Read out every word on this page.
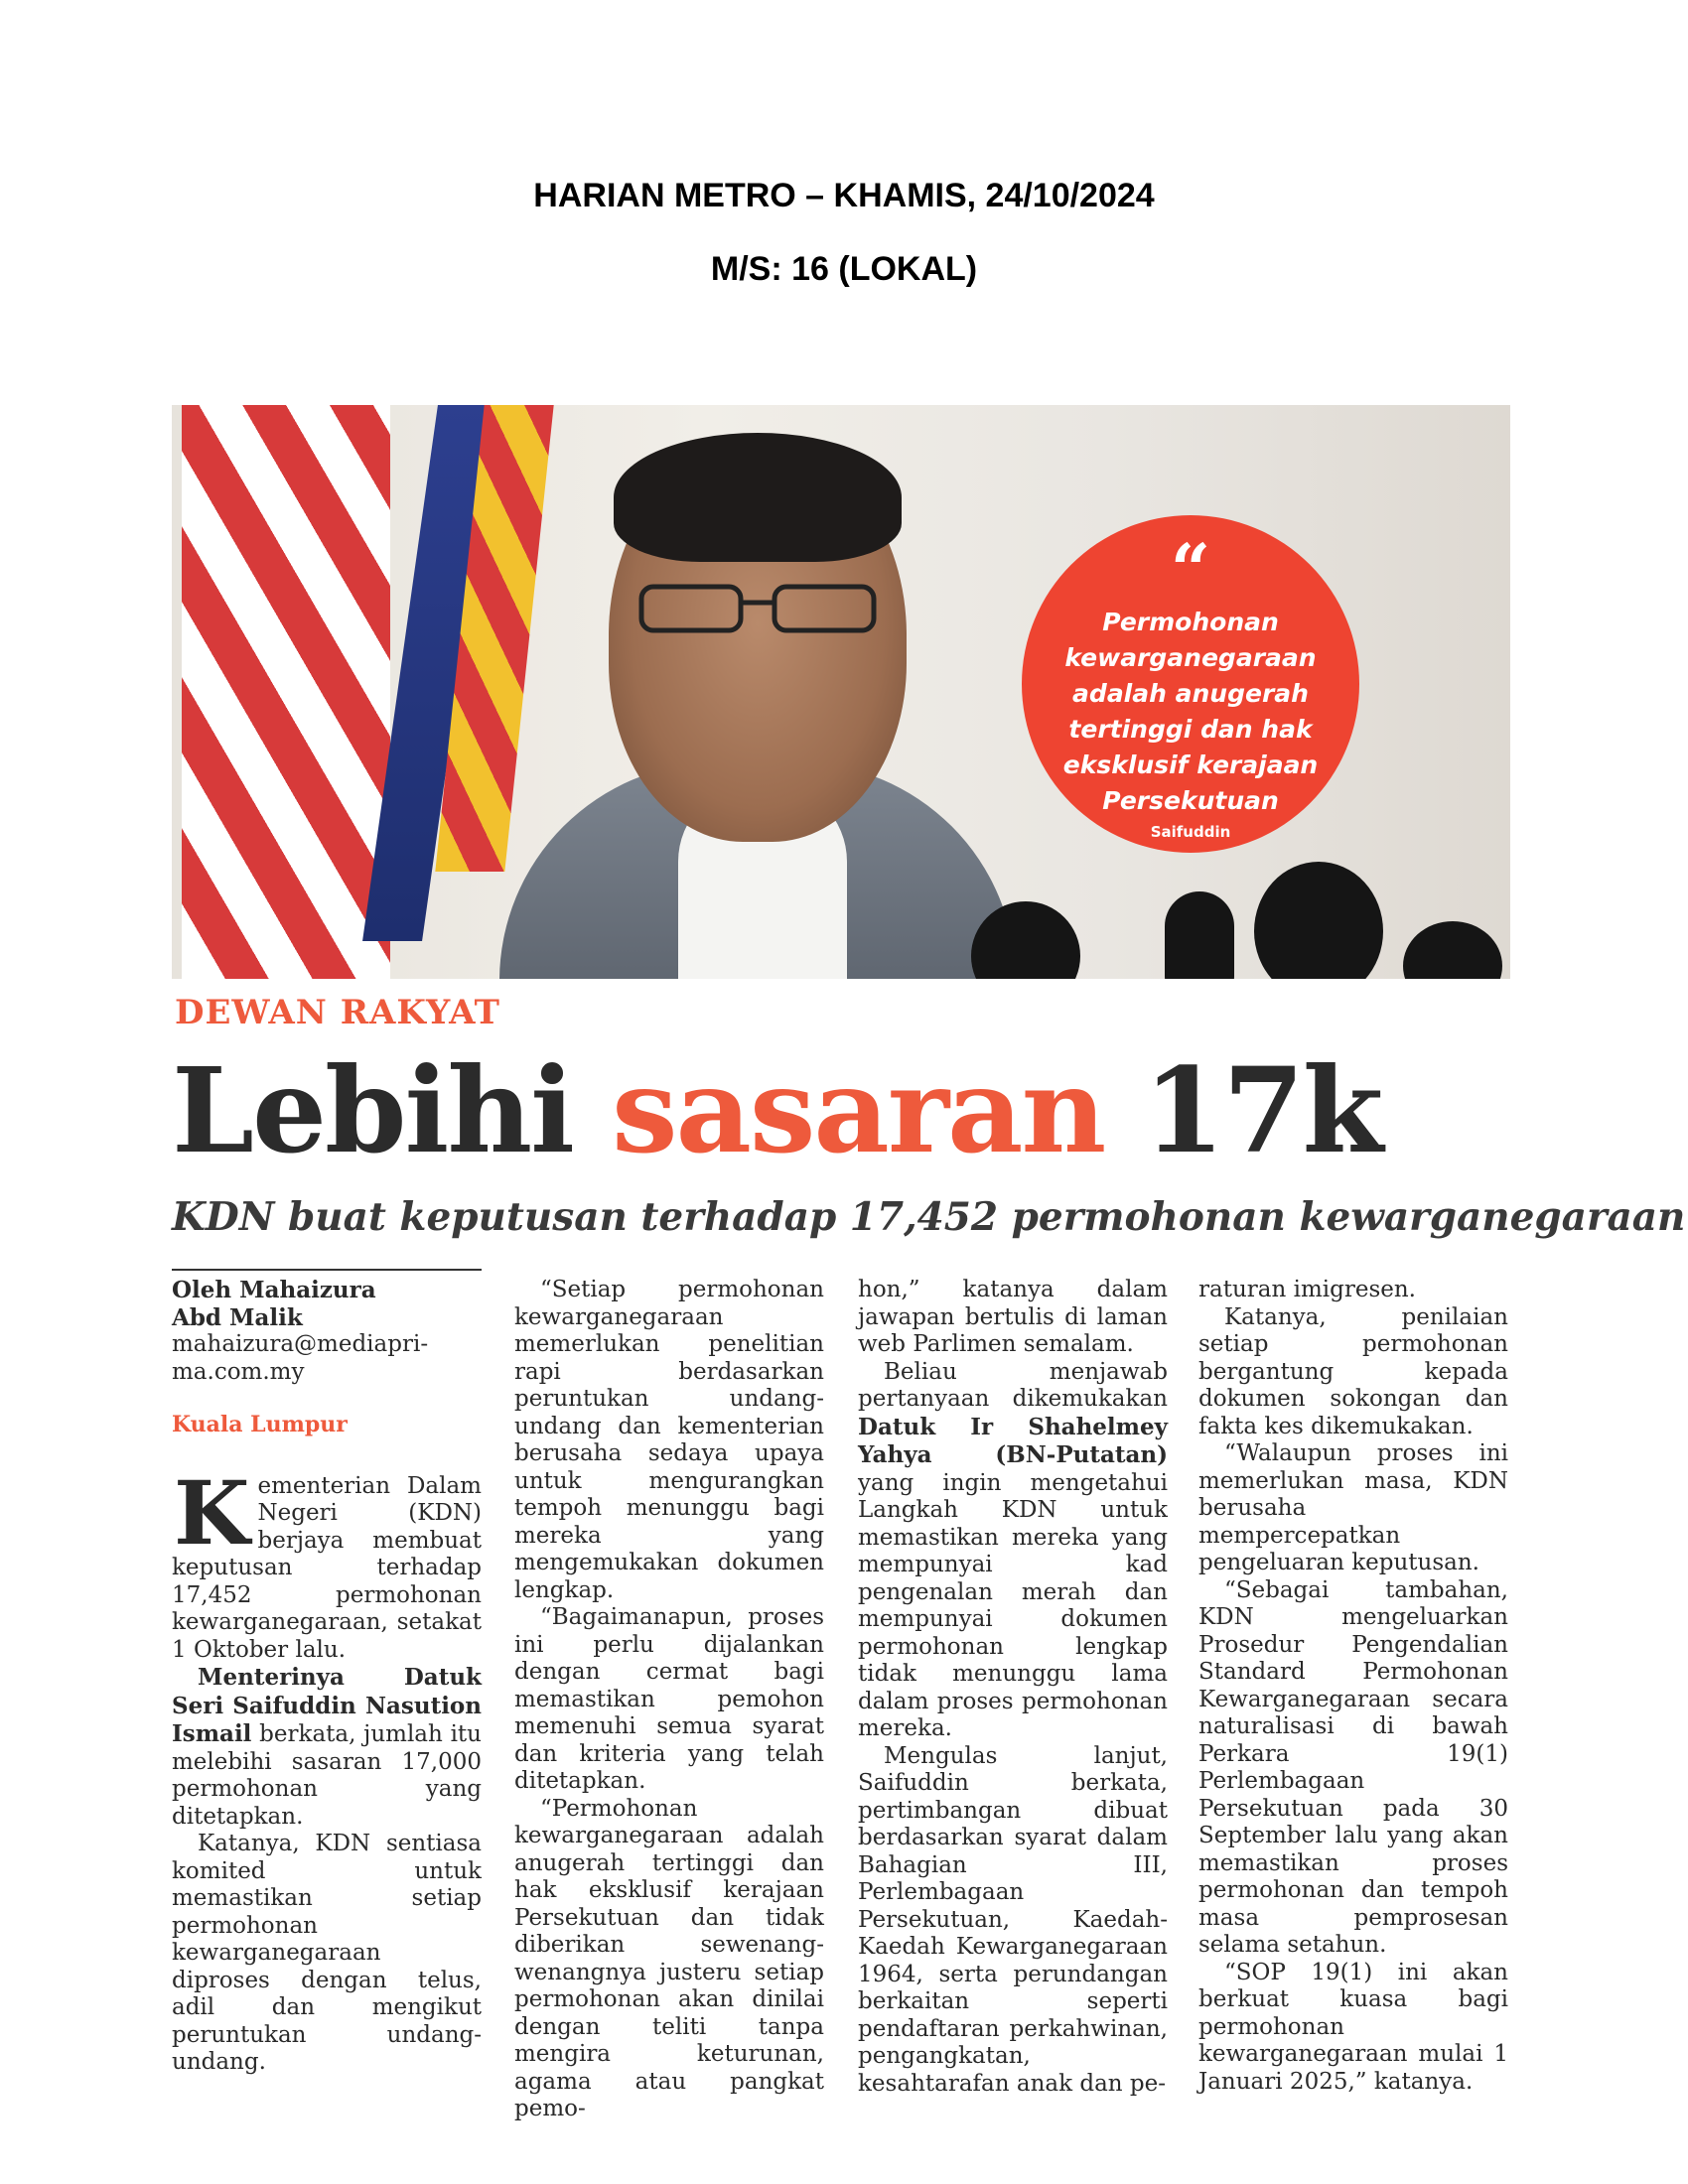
HARIAN METRO – KHAMIS, 24/10/2024
M/S: 16 (LOKAL)
“
Permohonan kewarganegaraan adalah anugerah tertinggi dan hak eksklusif kerajaan Persekutuan
Saifuddin
DEWAN RAKYAT
Lebihi sasaran 17k
KDN buat keputusan terhadap 17,452 permohonan kewarganegaraan

Oleh Mahaizura

Abd Malik

mahaizura@mediapri-

ma.com.my

Kuala Lumpur

Kementerian Dalam Negeri (KDN) berjaya membuat keputusan terhadap 17,452 permohonan kewarganegaraan, setakat 1 Oktober lalu.

Menterinya Datuk Seri Saifuddin Nasution Ismail berkata, jumlah itu melebihi sasaran 17,000 permohonan yang ditetapkan.

Katanya, KDN sentiasa komited untuk memastikan setiap permohonan kewarganegaraan diproses dengan telus, adil dan mengikut peruntukan undang-undang.

“Setiap permohonan kewarganegaraan memerlukan penelitian rapi berdasarkan peruntukan undang-undang dan kementerian berusaha sedaya upaya untuk mengurangkan tempoh menunggu bagi mereka yang mengemukakan dokumen lengkap.

“Bagaimanapun, proses ini perlu dijalankan dengan cermat bagi memastikan pemohon memenuhi semua syarat dan kriteria yang telah ditetapkan.

“Permohonan kewarganegaraan adalah anugerah tertinggi dan hak eksklusif kerajaan Persekutuan dan tidak diberikan sewenang-wenangnya justeru setiap permohonan akan dinilai dengan teliti tanpa mengira keturunan, agama atau pangkat pemo-

hon,” katanya dalam jawapan bertulis di laman web Parlimen semalam.

Beliau menjawab pertanyaan dikemukakan Datuk Ir Shahelmey Yahya (BN-Putatan) yang ingin mengetahui Langkah KDN untuk memastikan mereka yang mempunyai kad pengenalan merah dan mempunyai dokumen permohonan lengkap tidak menunggu lama dalam proses permohonan mereka.

Mengulas lanjut, Saifuddin berkata, pertimbangan dibuat berdasarkan syarat dalam Bahagian III, Perlembagaan Persekutuan, Kaedah-Kaedah Kewarganegaraan 1964, serta perundangan berkaitan seperti pendaftaran perkahwinan, pengangkatan, kesahtarafan anak dan pe-

raturan imigresen.

Katanya, penilaian setiap permohonan bergantung kepada dokumen sokongan dan fakta kes dikemukakan.

“Walaupun proses ini memerlukan masa, KDN berusaha mempercepatkan pengeluaran keputusan.

“Sebagai tambahan, KDN mengeluarkan Prosedur Pengendalian Standard Permohonan Kewarganegaraan secara naturalisasi di bawah Perkara 19(1) Perlembagaan Persekutuan pada 30 September lalu yang akan memastikan proses permohonan dan tempoh masa pemprosesan selama setahun.

“SOP 19(1) ini akan berkuat kuasa bagi permohonan kewarganegaraan mulai 1 Januari 2025,” katanya.
